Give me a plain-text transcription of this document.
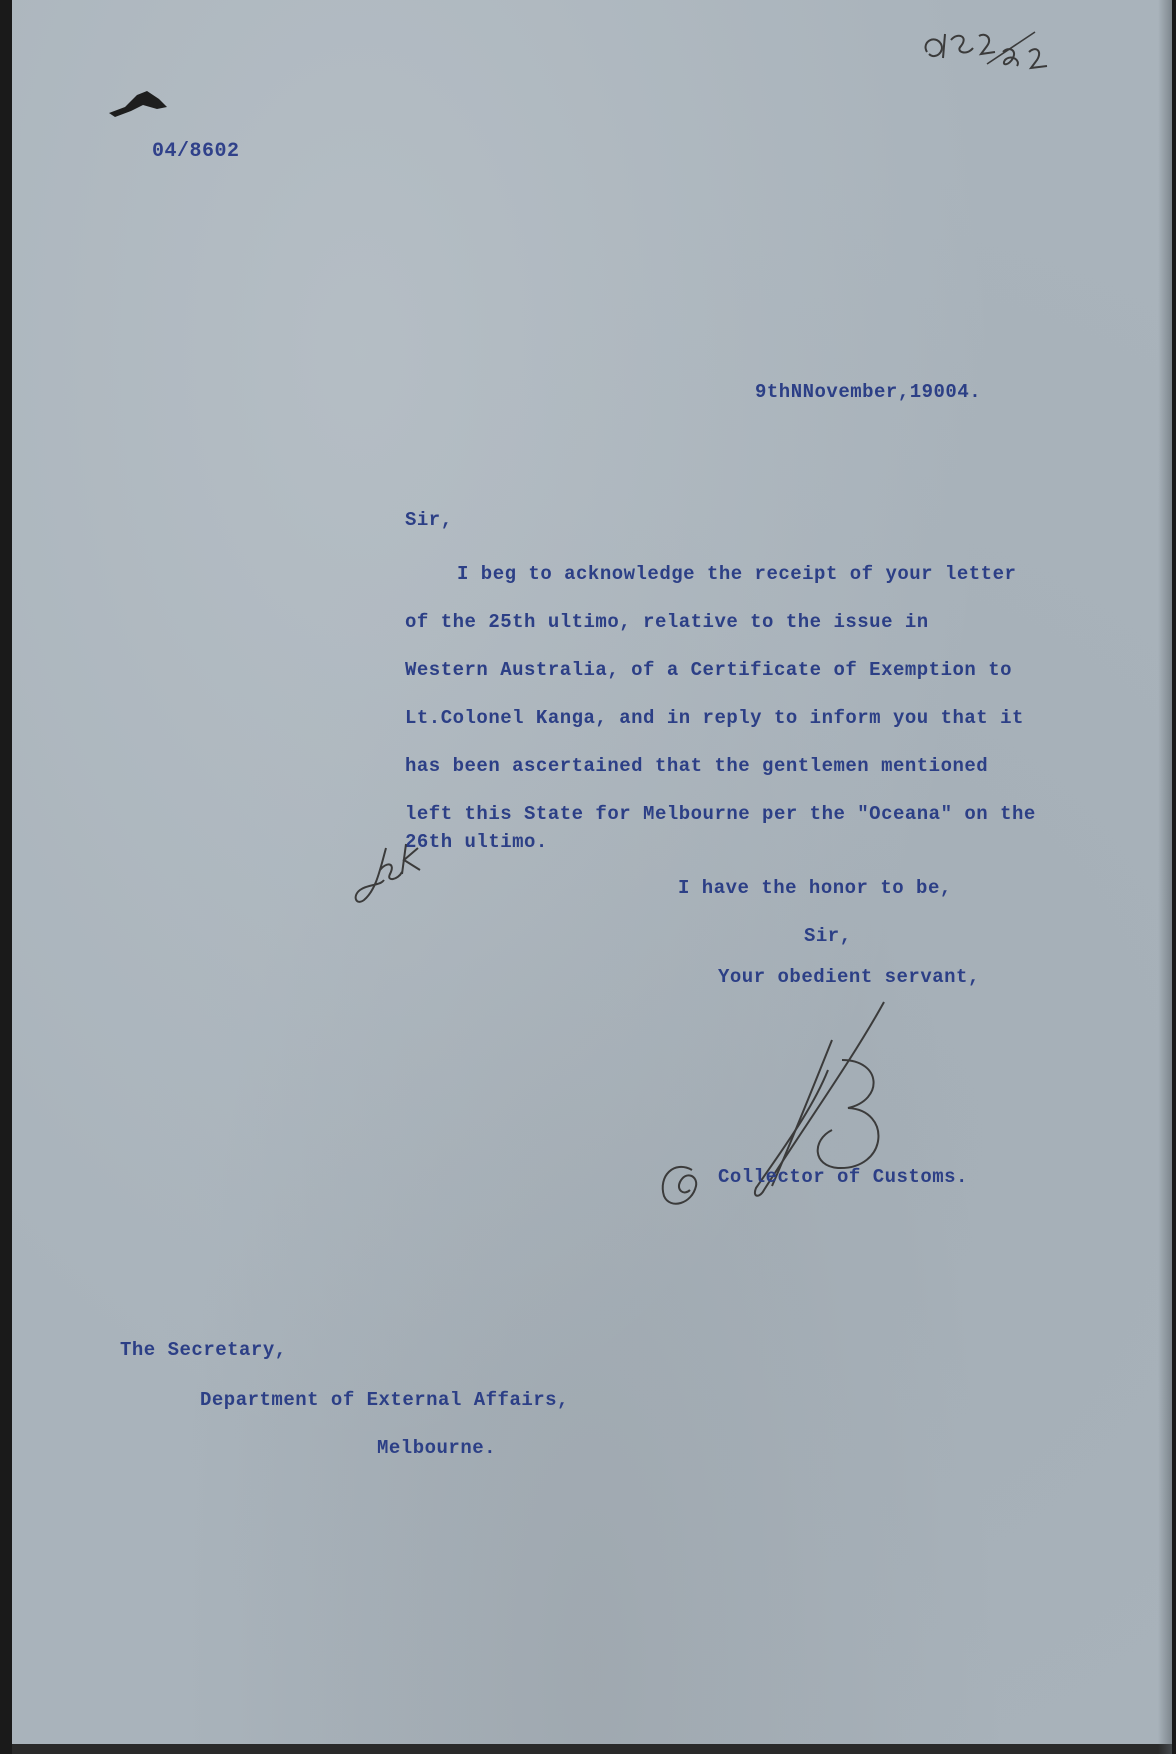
04/8602
9thNNovember,19004.
Sir,
I beg to acknowledge the receipt of your letter
of the 25th ultimo, relative to the issue in
Western Australia, of a Certificate of Exemption to
Lt.Colonel Kanga, and in reply to inform you that it
has been ascertained that the gentlemen mentioned
left this State for Melbourne per the "Oceana" on the
26th ultimo.
I have the honor to be,
Sir,
Your obedient servant,
Collector of Customs.
The Secretary,
Department of External Affairs,
Melbourne.
